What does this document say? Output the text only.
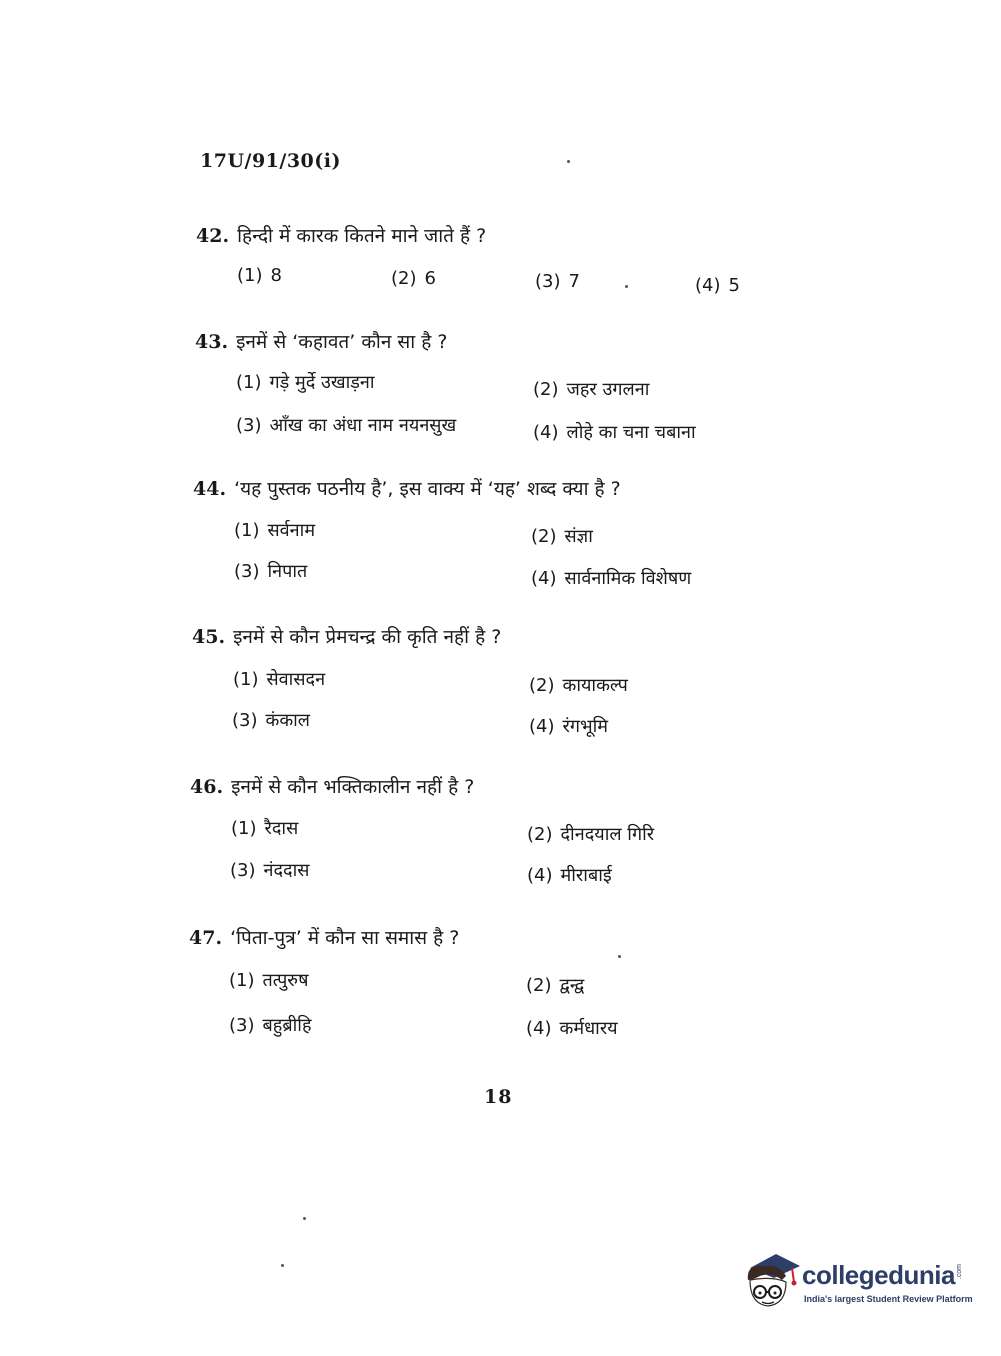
17U/91/30(i)
42. हिन्दी में कारक कितने माने जाते हैं ?
(1) 8	(2) 6	(3) 7	(4) 5
43. इनमें से ‘कहावत’ कौन सा है ?
(1) गड़े मुर्दे उखाड़ना	(2) जहर उगलना
(3) आँख का अंधा नाम नयनसुख	(4) लोहे का चना चबाना
44. ‘यह पुस्तक पठनीय है’, इस वाक्य में ‘यह’ शब्द क्या है ?
(1) सर्वनाम	(2) संज्ञा
(3) निपात	(4) सार्वनामिक विशेषण
45. इनमें से कौन प्रेमचन्द्र की कृति नहीं है ?
(1) सेवासदन	(2) कायाकल्प
(3) कंकाल	(4) रंगभूमि
46. इनमें से कौन भक्तिकालीन नहीं है ?
(1) रैदास	(2) दीनदयाल गिरि
(3) नंददास	(4) मीराबाई
47. ‘पिता-पुत्र’ में कौन सा समास है ?
(1) तत्पुरुष	(2) द्वन्द्व
(3) बहुब्रीहि	(4) कर्मधारय
18
collegedunia .com
India's largest Student Review Platform
